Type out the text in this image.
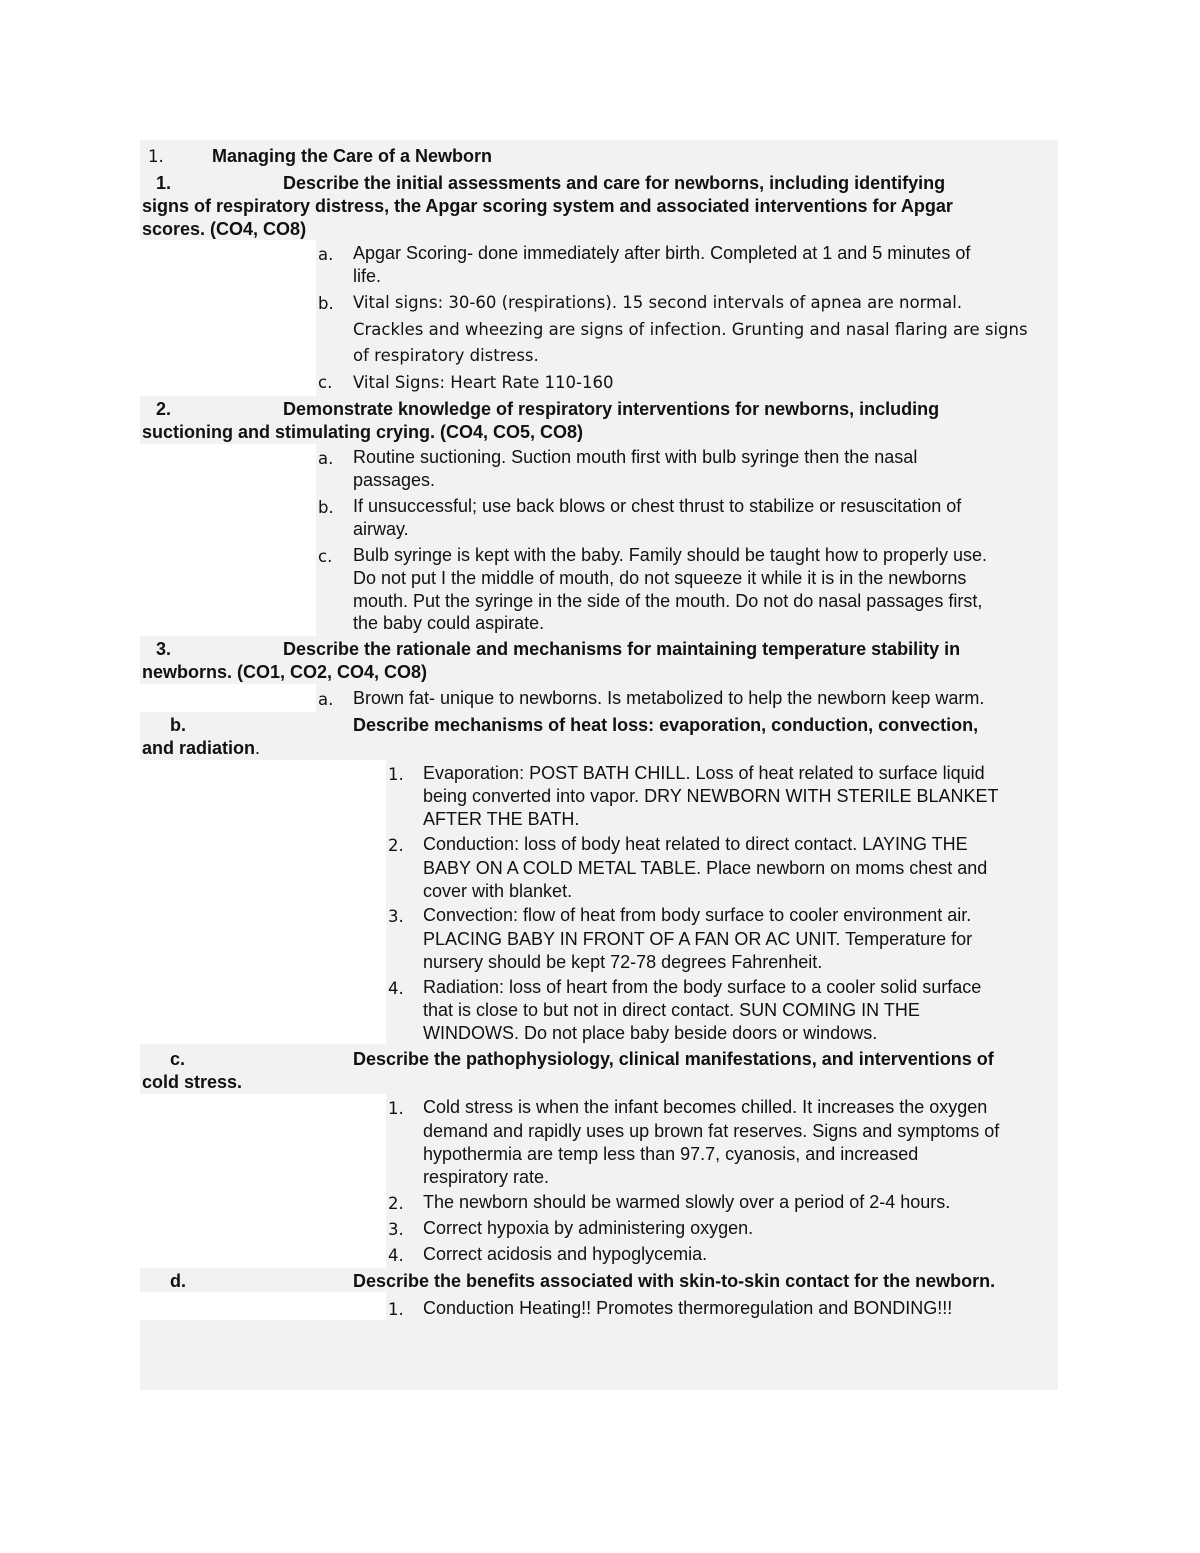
1.	Managing the Care of a Newborn
1.	Describe the initial assessments and care for newborns, including identifying
signs of respiratory distress, the Apgar scoring system and associated interventions for Apgar
scores. (CO4, CO8)
a. Apgar Scoring- done immediately after birth. Completed at 1 and 5 minutes of
life.
b. Vital signs: 30-60 (respirations). 15 second intervals of apnea are normal.
Crackles and wheezing are signs of infection. Grunting and nasal flaring are signs
of respiratory distress.
c. Vital Signs: Heart Rate 110-160
2.	Demonstrate knowledge of respiratory interventions for newborns, including
suctioning and stimulating crying. (CO4, CO5, CO8)
a. Routine suctioning. Suction mouth first with bulb syringe then the nasal
passages.
b. If unsuccessful; use back blows or chest thrust to stabilize or resuscitation of
airway.
c. Bulb syringe is kept with the baby. Family should be taught how to properly use.
Do not put I the middle of mouth, do not squeeze it while it is in the newborns
mouth. Put the syringe in the side of the mouth. Do not do nasal passages first,
the baby could aspirate.
3.	Describe the rationale and mechanisms for maintaining temperature stability in
newborns. (CO1, CO2, CO4, CO8)
a. Brown fat- unique to newborns. Is metabolized to help the newborn keep warm.
b.	Describe mechanisms of heat loss: evaporation, conduction, convection,
and radiation.
1. Evaporation: POST BATH CHILL. Loss of heat related to surface liquid
being converted into vapor. DRY NEWBORN WITH STERILE BLANKET
AFTER THE BATH.
2. Conduction: loss of body heat related to direct contact. LAYING THE
BABY ON A COLD METAL TABLE. Place newborn on moms chest and
cover with blanket.
3. Convection: flow of heat from body surface to cooler environment air.
PLACING BABY IN FRONT OF A FAN OR AC UNIT. Temperature for
nursery should be kept 72-78 degrees Fahrenheit.
4. Radiation: loss of heart from the body surface to a cooler solid surface
that is close to but not in direct contact. SUN COMING IN THE
WINDOWS. Do not place baby beside doors or windows.
c.	Describe the pathophysiology, clinical manifestations, and interventions of
cold stress.
1. Cold stress is when the infant becomes chilled. It increases the oxygen
demand and rapidly uses up brown fat reserves. Signs and symptoms of
hypothermia are temp less than 97.7, cyanosis, and increased
respiratory rate.
2. The newborn should be warmed slowly over a period of 2-4 hours.
3. Correct hypoxia by administering oxygen.
4. Correct acidosis and hypoglycemia.
d.	Describe the benefits associated with skin-to-skin contact for the newborn.
1. Conduction Heating!! Promotes thermoregulation and BONDING!!!
